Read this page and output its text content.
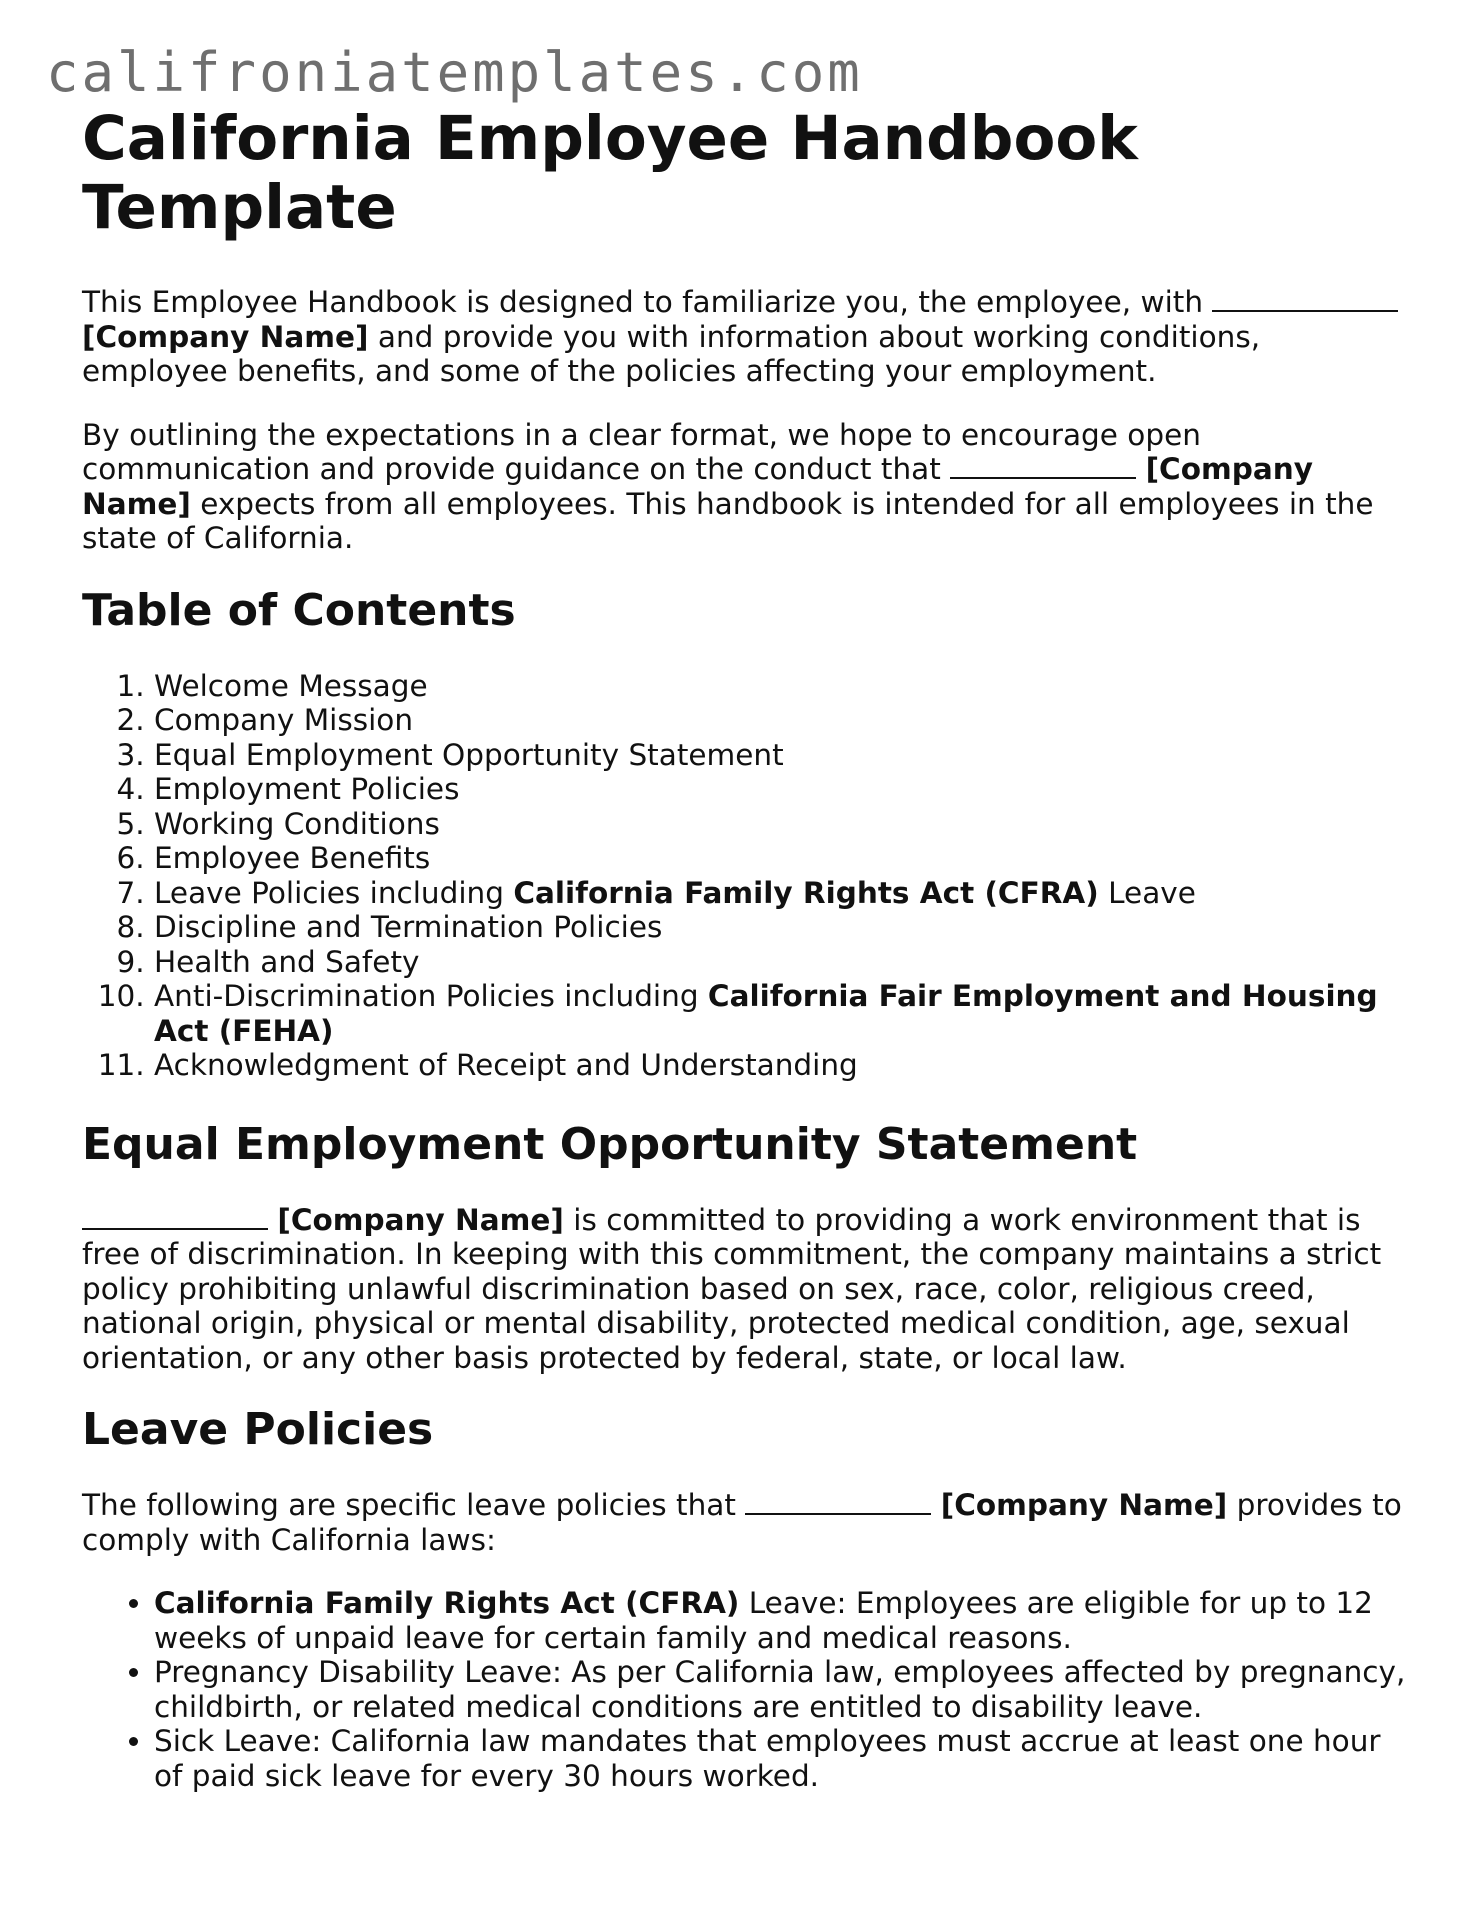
califroniatemplates.com
California Employee Handbook Template

This Employee Handbook is designed to familiarize you, the employee, with  [Company Name] and provide you with information about working conditions, employee benefits, and some of the policies affecting your employment.

By outlining the expectations in a clear format, we hope to encourage open communication and provide guidance on the conduct that	[Company Name] expects from all employees. This handbook is intended for all employees in the state of California.

Table of Contents
1. Welcome Message
2. Company Mission
3. Equal Employment Opportunity Statement
4. Employment Policies
5. Working Conditions
6. Employee Benefits
7. Leave Policies including California Family Rights Act (CFRA) Leave
8. Discipline and Termination Policies
9. Health and Safety
10. Anti-Discrimination Policies including California Fair Employment and Housing Act (FEHA)
11. Acknowledgment of Receipt and Understanding
Equal Employment Opportunity Statement

[Company Name] is committed to providing a work environment that is free of discrimination. In keeping with this commitment, the company maintains a strict policy prohibiting unlawful discrimination based on sex, race, color, religious creed, national origin, physical or mental disability, protected medical condition, age, sexual orientation, or any other basis protected by federal, state, or local law.

Leave Policies

The following are specific leave policies that	[Company Name] provides to comply with California laws:

• California Family Rights Act (CFRA) Leave: Employees are eligible for up to 12 weeks of unpaid leave for certain family and medical reasons.
• Pregnancy Disability Leave: As per California law, employees affected by pregnancy, childbirth, or related medical conditions are entitled to disability leave.
• Sick Leave: California law mandates that employees must accrue at least one hour of paid sick leave for every 30 hours worked.
